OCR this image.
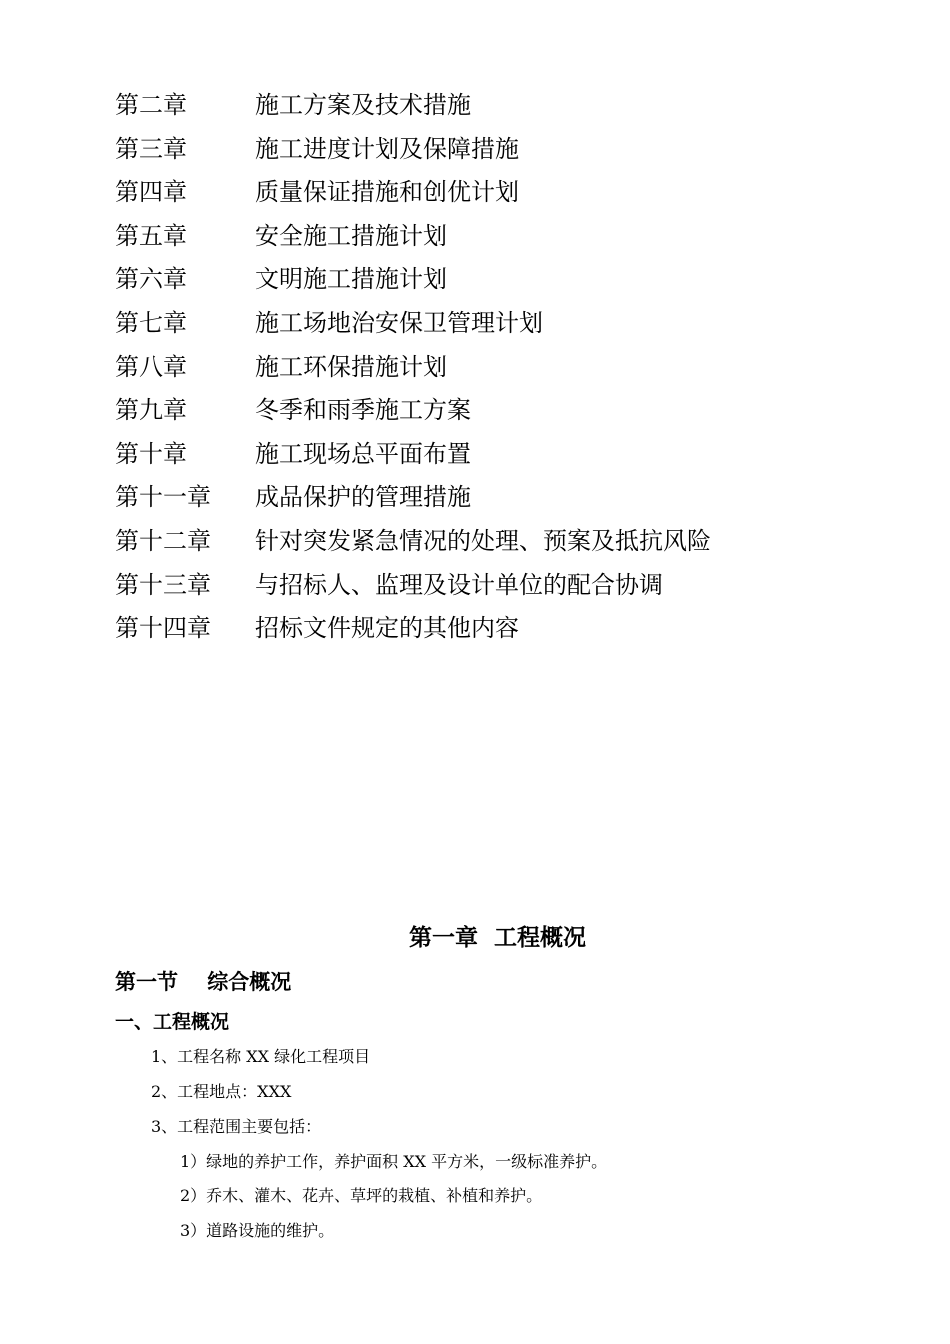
第二章	施工方案及技术措施
第三章	施工进度计划及保障措施
第四章	质量保证措施和创优计划
第五章	安全施工措施计划
第六章	文明施工措施计划
第七章	施工场地治安保卫管理计划
第八章	施工环保措施计划
第九章	冬季和雨季施工方案
第十章	施工现场总平面布置
第十一章 成品保护的管理措施
第十二章 针对突发紧急情况的处理、预案及抵抗风险
第十三章 与招标人、监理及设计单位的配合协调
第十四章 招标文件规定的其他内容
第一章  工程概况
第一节    综合概况
一、工程概况
1、工程名称 XX 绿化工程项目
2、工程地点：XXX
3、工程范围主要包括：
1）绿地的养护工作，养护面积 XX 平方米，一级标准养护。
2）乔木、灌木、花卉、草坪的栽植、补植和养护。
3）道路设施的维护。
